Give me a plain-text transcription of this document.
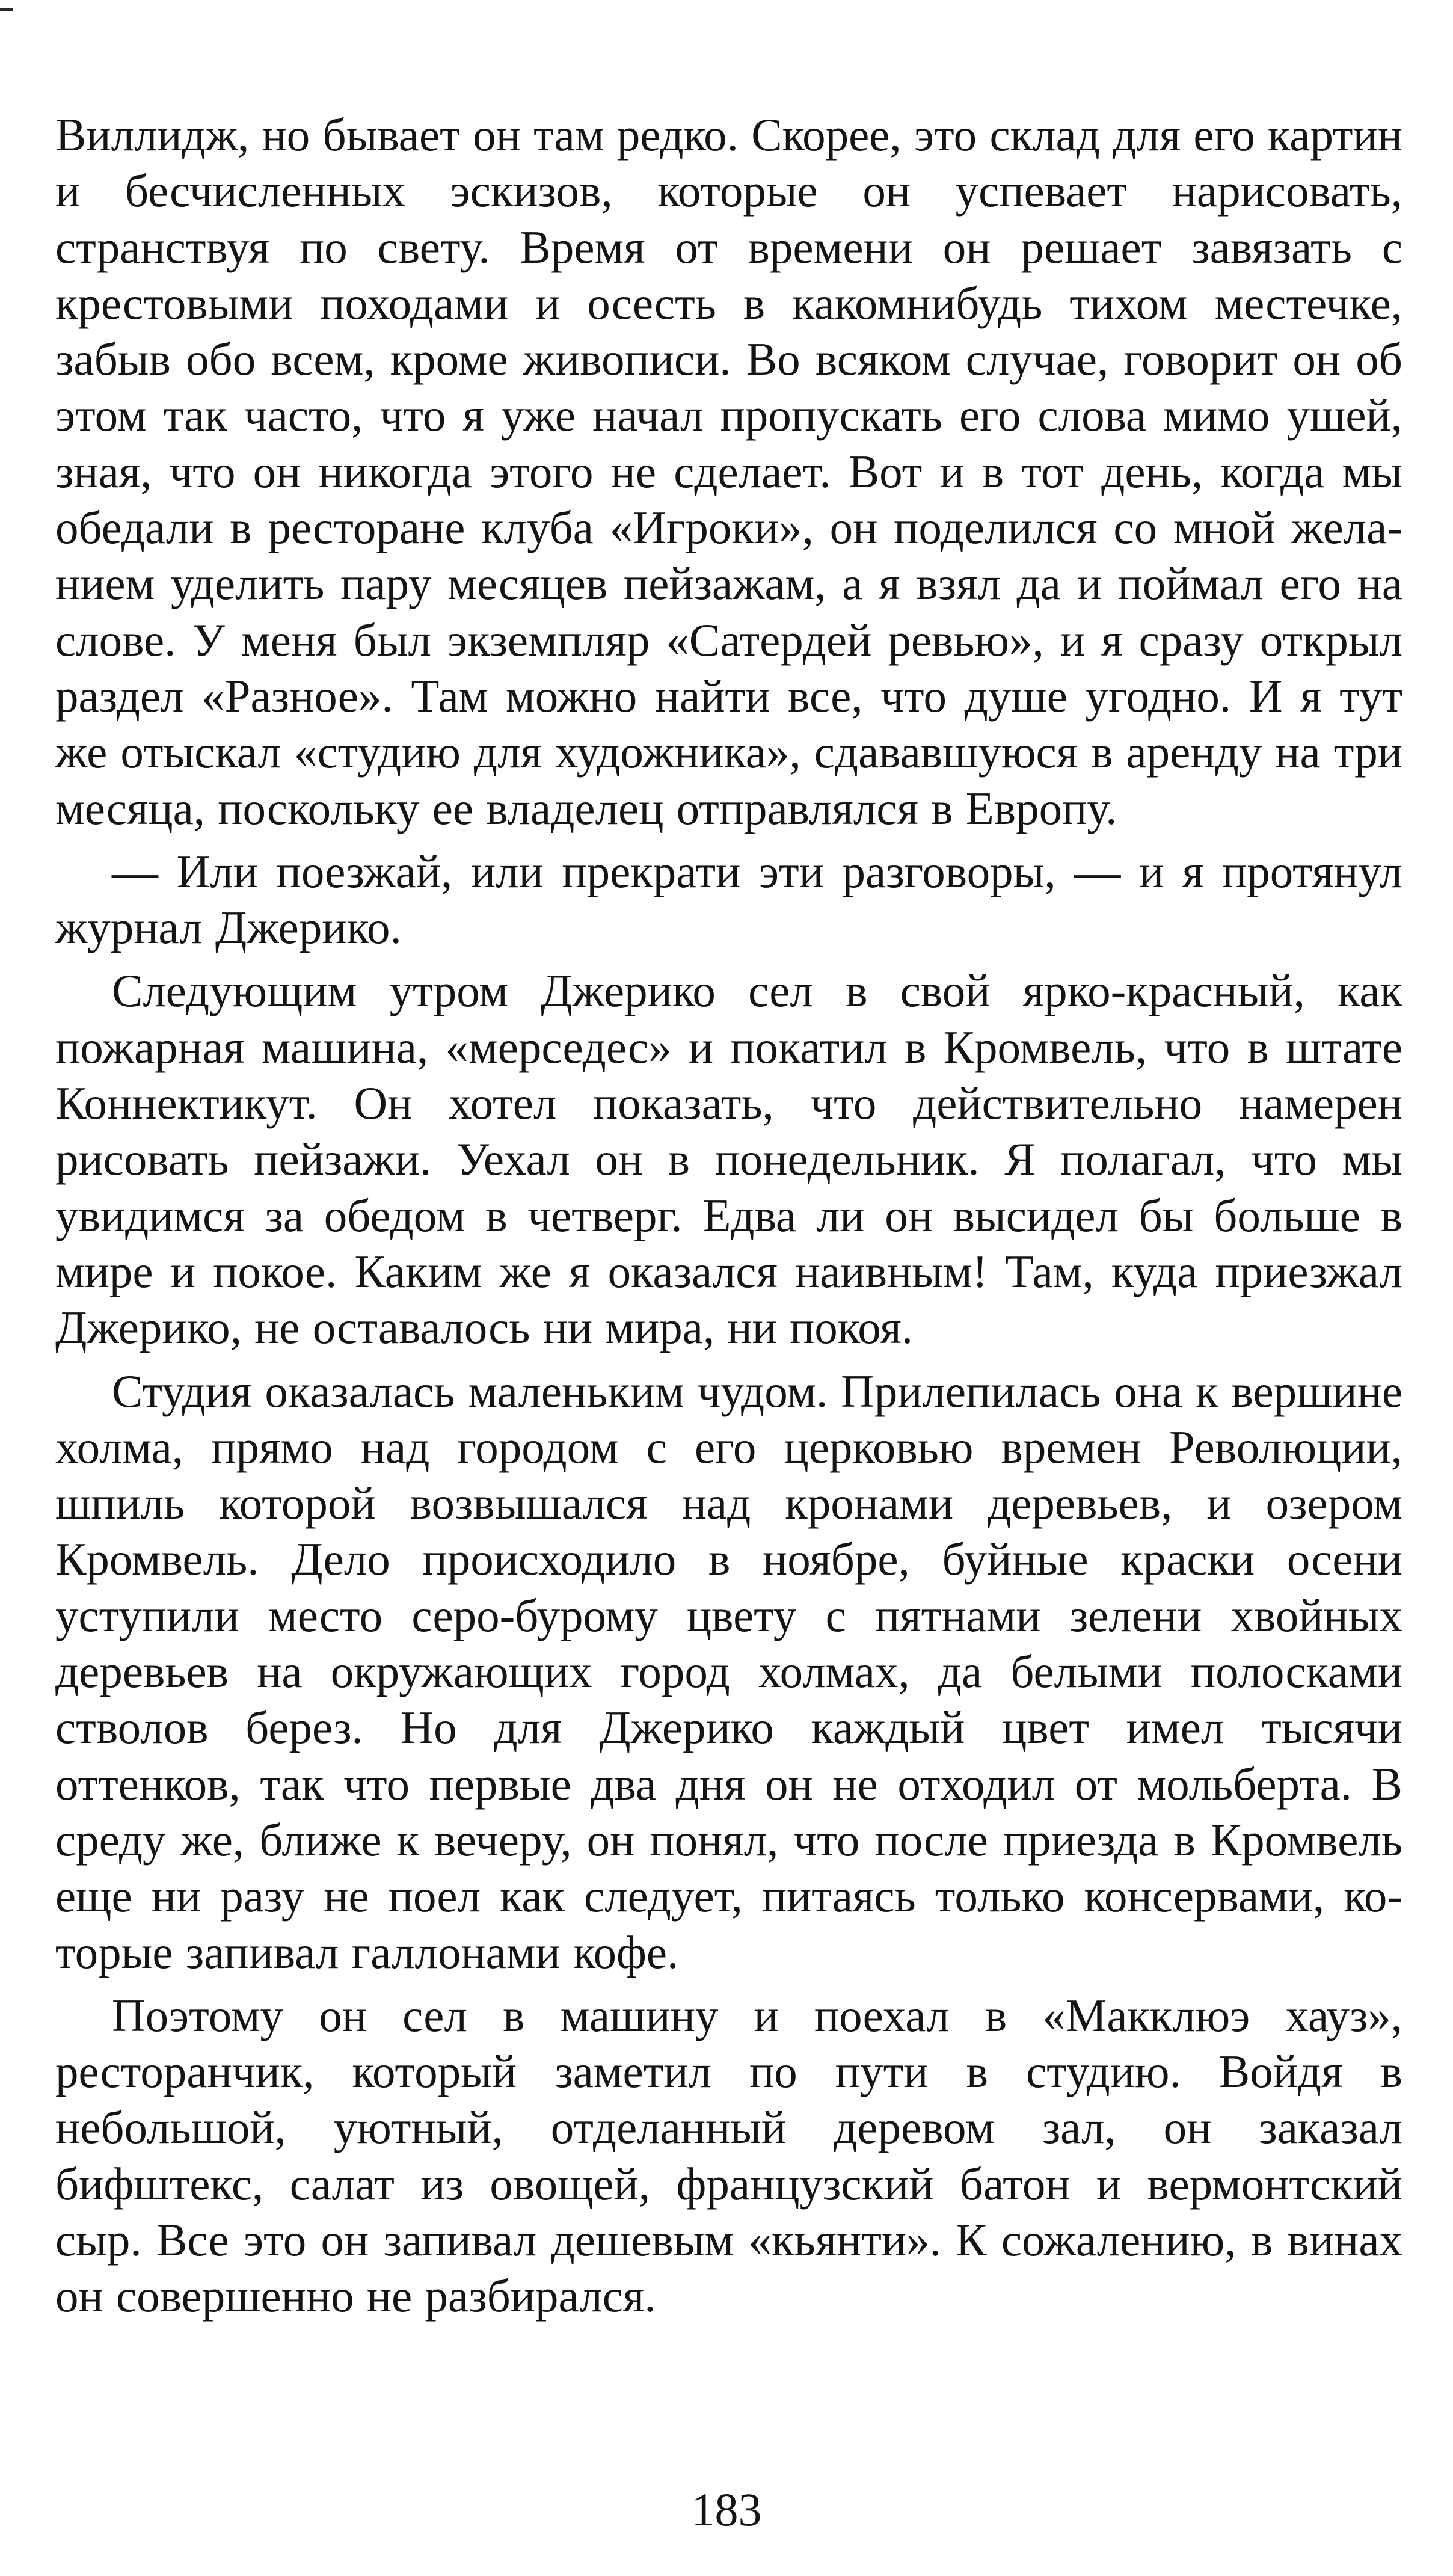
Виллидж, но бывает он там редко. Скорее, это склад для его картин и бесчисленных эскизов, которые он успевает нарисовать, странствуя по свету. Время от времени он решает завязать с крестовыми походами и осесть в какомнибудь тихом местечке, забыв обо всем, кроме живописи. Во всяком случае, говорит он об этом так часто, что я уже начал пропускать его слова мимо ушей, зная, что он никогда этого не сделает. Вот и в тот день, когда мы обедали в ресторане клуба «Игроки», он поделился со мной желанием уделить пару месяцев пейзажам, а я взял да и поймал его на слове. У меня был экземпляр «Сатердей ревью», и я сразу открыл раздел «Разное». Там можно найти все, что душе угодно. И я тут же отыскал «студию для художника», сдававшуюся в аренду на три месяца, поскольку ее владелец отправлялся в Европу.

— Или поезжай, или прекрати эти разговоры, — и я протянул журнал Джерико.

Следующим утром Джерико сел в свой ярко-красный, как пожарная машина, «мерседес» и покатил в Кромвель, что в штате Коннектикут. Он хотел показать, что действительно намерен рисовать пейзажи. Уехал он в понедельник. Я полагал, что мы увидимся за обедом в четверг. Едва ли он высидел бы больше в мире и покое. Каким же я оказался наивным! Там, куда приезжал Джерико, не оставалось ни мира, ни покоя.

Студия оказалась маленьким чудом. Прилепилась она к вершине холма, прямо над городом с его церковью времен Революции, шпиль которой возвышался над кронами деревьев, и озером Кромвель. Дело происходило в ноябре, буйные краски осени уступили место серо-бурому цвету с пятнами зелени хвойных деревьев на окружающих город холмах, да белыми полосками стволов берез. Но для Джерико каждый цвет имел тысячи оттенков, так что первые два дня он не отходил от мольберта. В среду же, ближе к вечеру, он понял, что после приезда в Кромвель еще ни разу не поел как следует, питаясь только консервами, которые запивал галлонами кофе.

Поэтому он сел в машину и поехал в «Макклюэ хауз», ресторанчик, который заметил по пути в студию. Войдя в небольшой, уютный, отделанный деревом зал, он заказал бифштекс, салат из овощей, французский батон и вермонтский сыр. Все это он запивал дешевым «кьянти». К сожалению, в винах он совершенно не разбирался.

183
